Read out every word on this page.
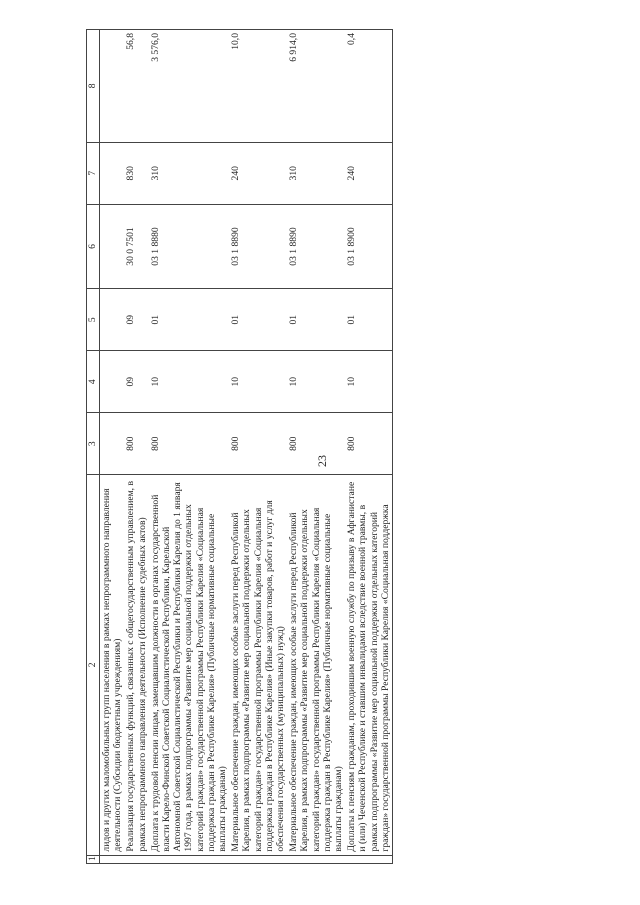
23
1	2	3	4	5	6	7	8
	лидов и других маломобильных групп населения в рамках непрограммного направления деятельности (Субсидии бюджетным учреждениям)						
	Реализация государственных функций, связанных с общегосударственным управлением, в рамках непрограммного направления деятельности (Исполнение судебных актов)	800	09	09	30 0 7501	830	56,8
	Доплата к трудовой пенсии лицам, замещавшим должности в органах государственной власти Карело-Финской Советской Социалистической Республики, Карельской Автономной Советской Социалистической Республики и Республики Карелия до 1 января 1997 года, в рамках подпрограммы «Развитие мер социальной поддержки отдельных категорий граждан» государственной программы Республики Карелия «Социальная поддержка граждан в Республике Карелия» (Публичные нормативные социальные выплаты гражданам)	800	10	01	03 1 8880	310	3 576,0
	Материальное обеспечение граждан, имеющих особые заслуги перед Республикой Карелия, в рамках подпрограммы «Развитие мер социальной поддержки отдельных категорий граждан» государственной программы Республики Карелия «Социальная поддержка граждан в Республике Карелия» (Иные закупки товаров, работ и услуг для обеспечения государственных (муниципальных) нужд)	800	10	01	03 1 8890	240	10,0
	Материальное обеспечение граждан, имеющих особые заслуги перед Республикой Карелия, в рамках подпрограммы «Развитие мер социальной поддержки отдельных категорий граждан» государственной программы Республики Карелия «Социальная поддержка граждан в Республике Карелия» (Публичные нормативные социальные выплаты гражданам)	800	10	01	03 1 8890	310	6 914,0
	Доплаты к пенсиям гражданам, проходившим военную службу по призыву в Афганистане и (или) Чеченской Республике и ставшим инвалидами вследствие военной травмы, в рамках подпрограммы «Развитие мер социальной поддержки отдельных категорий граждан» государственной программы Республики Карелия «Социальная поддержка	800	10	01	03 1 8900	240	0,4
